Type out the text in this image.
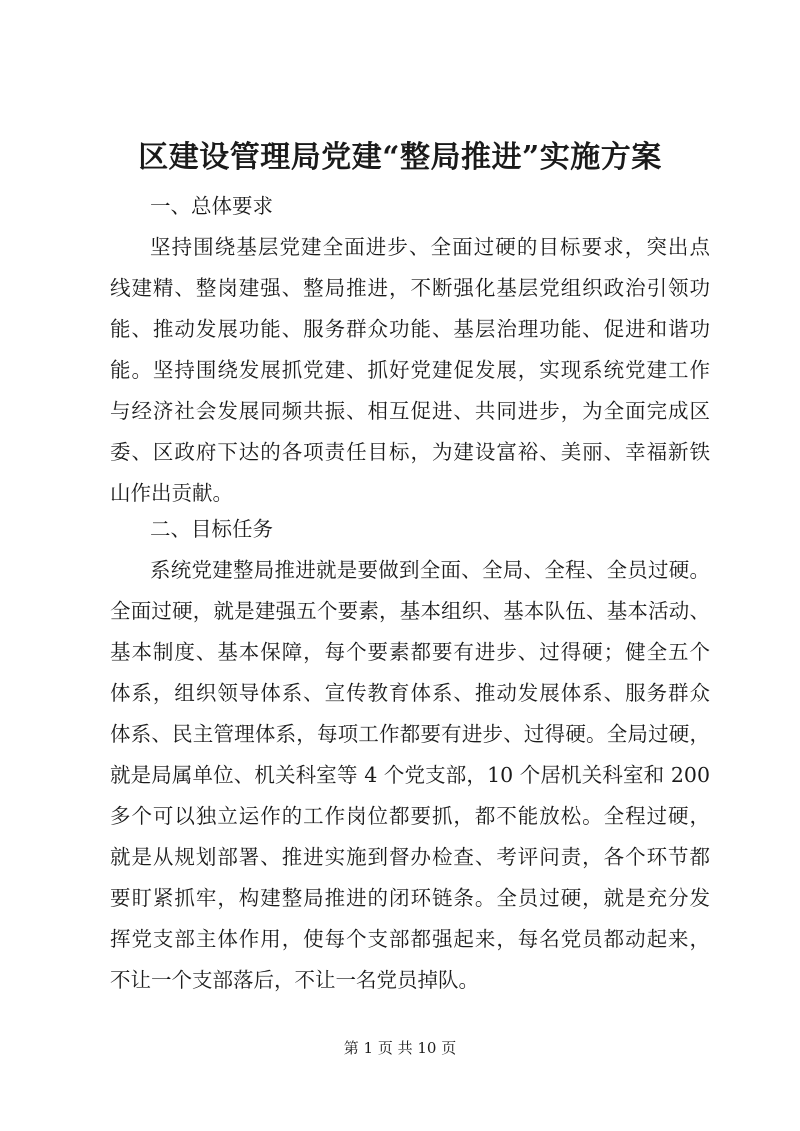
区建设管理局党建“整局推进”实施方案
一、总体要求
坚持围绕基层党建全面进步、全面过硬的目标要求，突出点
线建精、整岗建强、整局推进，不断强化基层党组织政治引领功
能、推动发展功能、服务群众功能、基层治理功能、促进和谐功
能。坚持围绕发展抓党建、抓好党建促发展，实现系统党建工作
与经济社会发展同频共振、相互促进、共同进步，为全面完成区
委、区政府下达的各项责任目标，为建设富裕、美丽、幸福新铁
山作出贡献。
二、目标任务
系统党建整局推进就是要做到全面、全局、全程、全员过硬。
全面过硬，就是建强五个要素，基本组织、基本队伍、基本活动、
基本制度、基本保障，每个要素都要有进步、过得硬；健全五个
体系，组织领导体系、宣传教育体系、推动发展体系、服务群众
体系、民主管理体系，每项工作都要有进步、过得硬。全局过硬，
就是局属单位、机关科室等 4 个党支部，10 个居机关科室和 200
多个可以独立运作的工作岗位都要抓，都不能放松。全程过硬，
就是从规划部署、推进实施到督办检查、考评问责，各个环节都
要盯紧抓牢，构建整局推进的闭环链条。全员过硬，就是充分发
挥党支部主体作用，使每个支部都强起来，每名党员都动起来，
不让一个支部落后，不让一名党员掉队。
第 1 页 共 10 页
